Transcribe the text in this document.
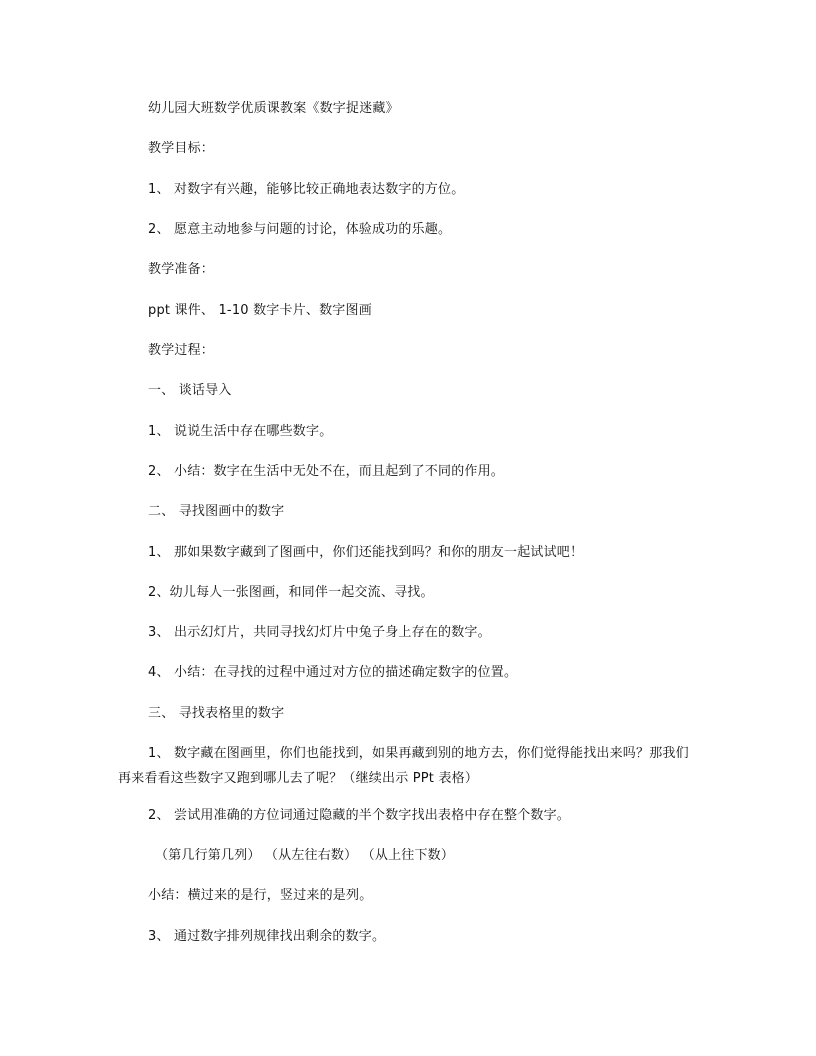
幼儿园大班数学优质课教案《数字捉迷藏》
教学目标：
1、 对数字有兴趣，能够比较正确地表达数字的方位。
2、 愿意主动地参与问题的讨论，体验成功的乐趣。
教学准备：
ppt 课件、 1-10 数字卡片、数字图画
教学过程：
一、 谈话导入
1、 说说生活中存在哪些数字。
2、 小结：数字在生活中无处不在，而且起到了不同的作用。
二、 寻找图画中的数字
1、 那如果数字藏到了图画中，你们还能找到吗？和你的朋友一起试试吧！
2、幼儿每人一张图画，和同伴一起交流、寻找。
3、 出示幻灯片，共同寻找幻灯片中兔子身上存在的数字。
4、 小结：在寻找的过程中通过对方位的描述确定数字的位置。
三、 寻找表格里的数字
1、 数字藏在图画里，你们也能找到，如果再藏到别的地方去，你们觉得能找出来吗？那我们再来看看这些数字又跑到哪儿去了呢？（继续出示 PPt 表格）
2、 尝试用准确的方位词通过隐藏的半个数字找出表格中存在整个数字。
（第几行第几列） （从左往右数） （从上往下数）
小结：横过来的是行，竖过来的是列。
3、 通过数字排列规律找出剩余的数字。
